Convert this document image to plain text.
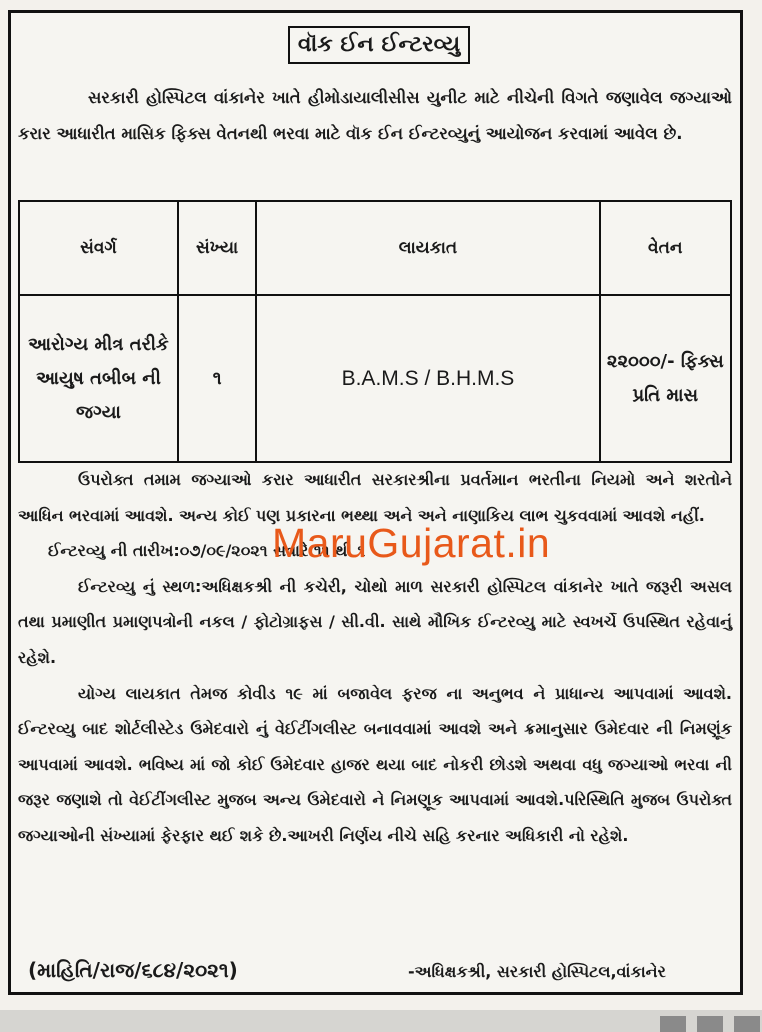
વૉક ઈન ઈન્ટરવ્યુ
સરકારી હોસ્પિટલ વાંકાનેર ખાતે હીમોડાયાલીસીસ યુનીટ માટે નીચેની વિગતે જણાવેલ જગ્યાઓ કરાર આધારીત માસિક ફિક્સ વેતનથી ભરવા માટે વૉક ઈન ઈન્ટરવ્યુનું આયોજન કરવામાં આવેલ છે.
સંવર્ગ	સંખ્યા	લાયકાત	વેતન
આરોગ્ય મીત્ર તરીકે આયુષ તબીબ ની જગ્યા	૧	B.A.M.S / B.H.M.S	૨૨૦૦૦/- ફિક્સ પ્રતિ માસ

ઉપરોક્ત તમામ જગ્યાઓ કરાર આધારીત સરકારશ્રીના પ્રવર્તમાન ભરતીના નિયમો અને શરતોને આધિન ભરવામાં આવશે. અન્ય કોઈ પણ પ્રકારના ભથ્થા અને અને નાણાકિય લાભ ચુકવવામાં આવશે નહીં.

ઈન્ટરવ્યુ ની તારીખ:૦૭/૦૯/૨૦૨૧ સવારે ૧૧ થી ૧

ઈન્ટરવ્યુ નું સ્થળ:અધિક્ષકશ્રી ની કચેરી, ચોથો માળ સરકારી હોસ્પિટલ વાંકાનેર ખાતે જરૂરી અસલ તથા પ્રમાણીત પ્રમાણપત્રોની નકલ / ફોટોગ્રાફસ / સી.વી. સાથે મૌખિક ઈન્ટરવ્યુ માટે સ્વખર્ચે ઉપસ્થિત રહેવાનું રહેશે.

યોગ્ય લાયકાત તેમજ કોવીડ ૧૯ માં બજાવેલ ફરજ ના અનુભવ ને પ્રાધાન્ય આપવામાં આવશે. ઈન્ટરવ્યુ બાદ શોર્ટલીસ્ટેડ ઉમેદવારો નું વેઈટીંગલીસ્ટ બનાવવામાં આવશે અને ક્રમાનુસાર ઉમેદવાર ની નિમણૂંક આપવામાં આવશે. ભવિષ્ય માં જો કોઈ ઉમેદવાર હાજર થયા બાદ નોકરી છોડશે અથવા વધુ જગ્યાઓ ભરવા ની જરૂર જણાશે તો વેઈટીંગલીસ્ટ મુજબ અન્ય ઉમેદવારો ને નિમણૂક આપવામાં આવશે.પરિસ્થિતિ મુજબ ઉપરોક્ત જગ્યાઓની સંખ્યામાં ફેરફાર થઈ શકે છે.આખરી નિર્ણય નીચે સહિ કરનાર અધિકારી નો રહેશે.

MaruGujarat.in
(માહિતિ/રાજ/૬૮૪/૨૦૨૧)	-અધિક્ષકશ્રી, સરકારી હોસ્પિટલ,વાંકાનેર
